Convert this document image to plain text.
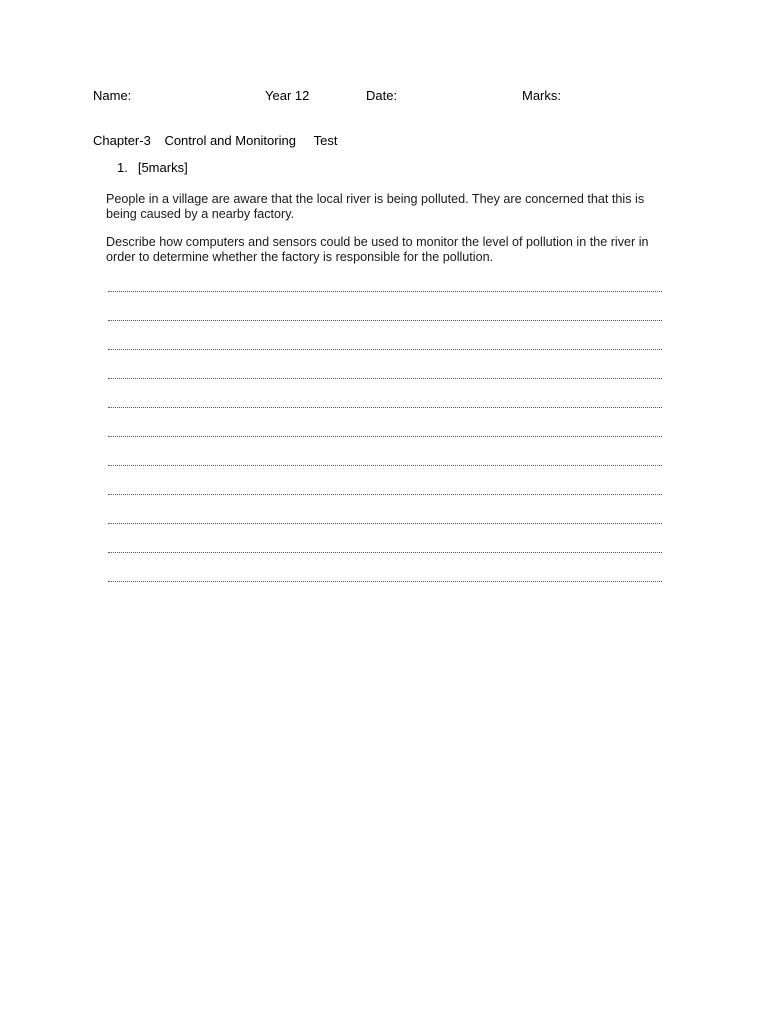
Name:	Year 12	Date:	Marks:
Chapter-3 Control and Monitoring Test
1. [5marks]
People in a village are aware that the local river is being polluted. They are concerned that this is being caused by a nearby factory.
Describe how computers and sensors could be used to monitor the level of pollution in the river in order to determine whether the factory is responsible for the pollution.
